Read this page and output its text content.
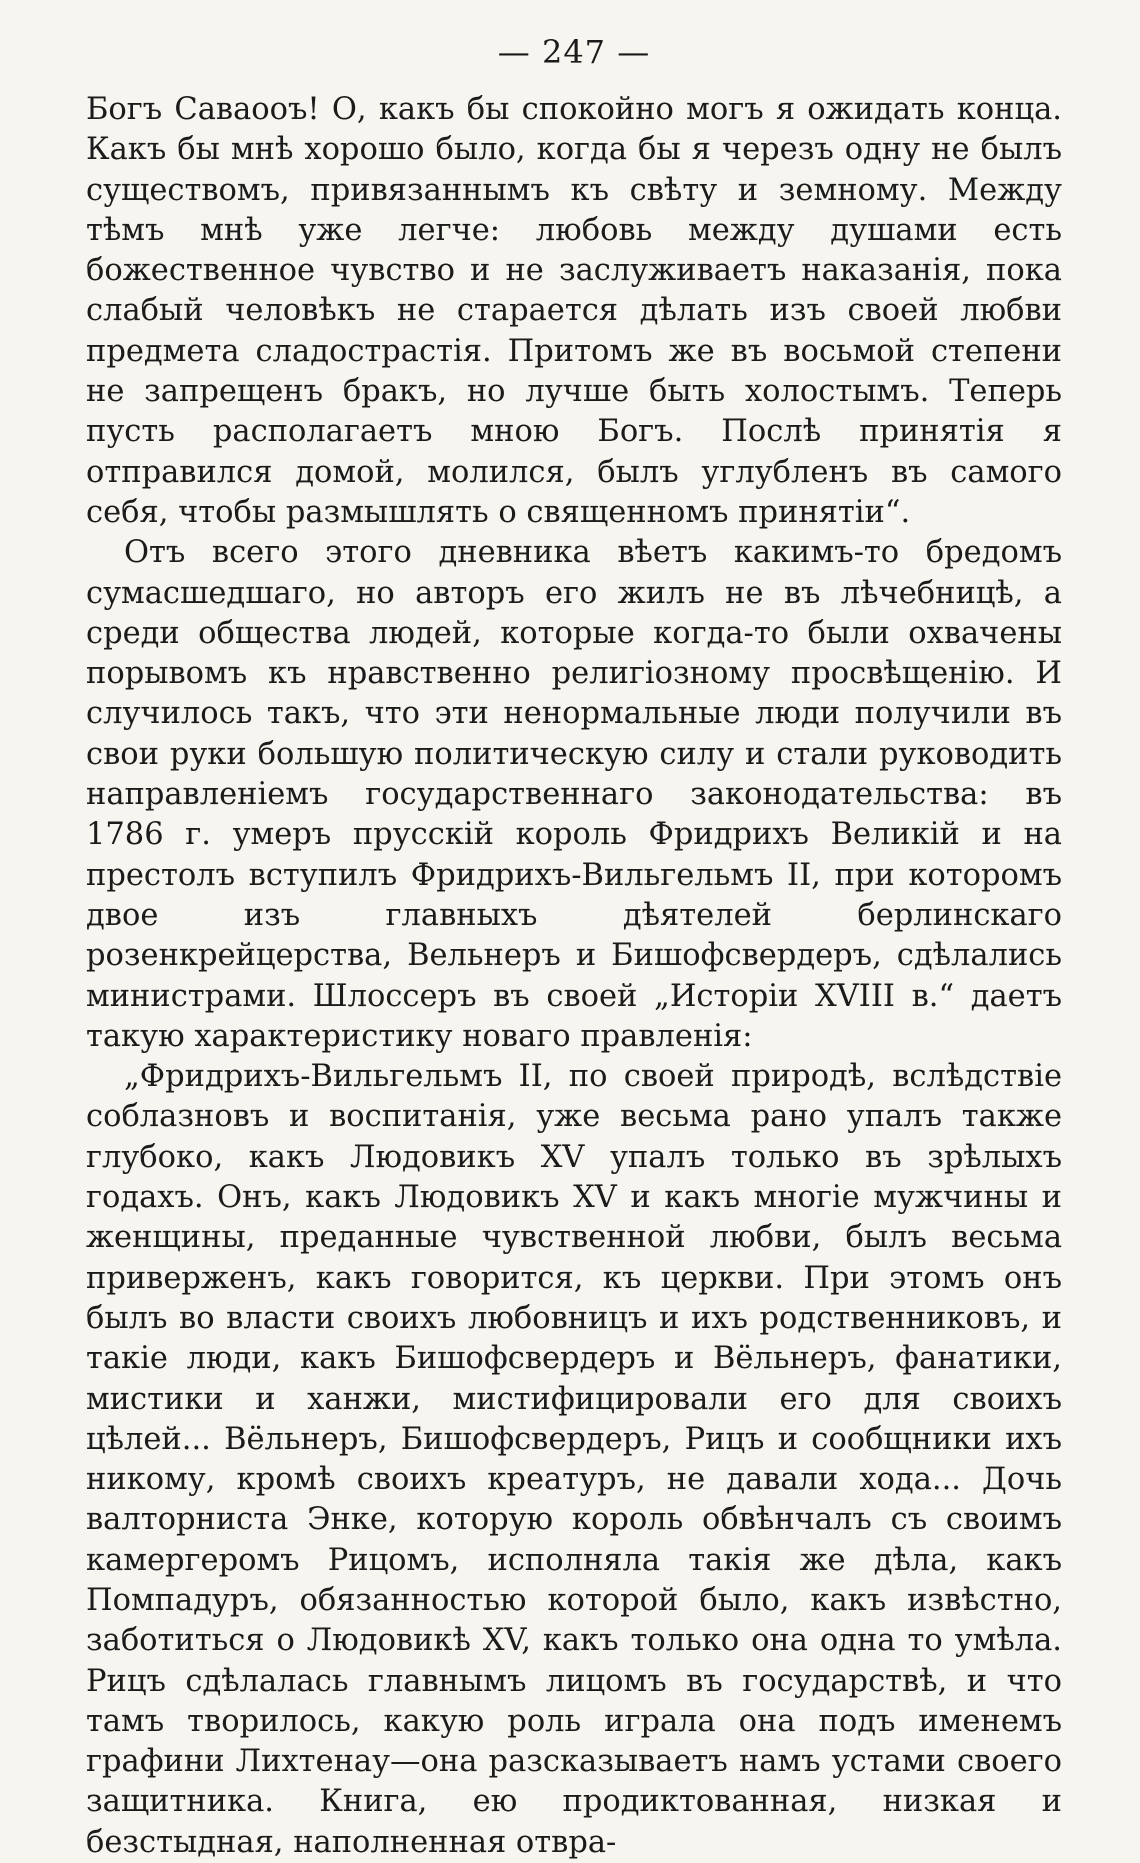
— 247 —

Богъ Саваооъ! О, какъ бы спокойно могъ я ожидать конца. Какъ бы мнѣ хорошо было, когда бы я черезъ одну не былъ существомъ, привязаннымъ къ свѣту и земному. Между тѣмъ мнѣ уже легче: любовь между душами есть божественное чувство и не заслуживаетъ наказанія, пока слабый человѣкъ не старается дѣлать изъ своей любви предмета сладострастія. Притомъ же въ восьмой степени не запрещенъ бракъ, но лучше быть холостымъ. Теперь пусть располагаетъ мною Богъ. Послѣ принятія я отправился домой, молился, былъ углубленъ въ самого себя, чтобы размышлять о священномъ принятіи“.

Отъ всего этого дневника вѣетъ какимъ-то бредомъ сумасшедшаго, но авторъ его жилъ не въ лѣчебницѣ, а среди общества людей, которые когда-то были охвачены порывомъ къ нравственно религіозному просвѣщенію. И случилось такъ, что эти ненормальные люди получили въ свои руки большую политическую силу и стали руководить направленіемъ государственнаго законодательства: въ 1786 г. умеръ прусскій король Фридрихъ Великій и на престолъ вступилъ Фридрихъ-Вильгельмъ II, при которомъ двое изъ главныхъ дѣятелей берлинскаго розенкрейцерства, Вельнеръ и Бишофсвердеръ, сдѣлались министрами. Шлоссеръ въ своей „Исторіи XVIII в.“ даетъ такую характеристику новаго правленія:

„Фридрихъ-Вильгельмъ II, по своей природѣ, вслѣдствіе соблазновъ и воспитанія, уже весьма рано упалъ также глубоко, какъ Людовикъ XV упалъ только въ зрѣлыхъ годахъ. Онъ, какъ Людовикъ XV и какъ многіе мужчины и женщины, преданные чувственной любви, былъ весьма приверженъ, какъ говорится, къ церкви. При этомъ онъ былъ во власти своихъ любовницъ и ихъ родственниковъ, и такіе люди, какъ Бишофсвердеръ и Вёльнеръ, фанатики, мистики и ханжи, мистифицировали его для своихъ цѣлей... Вёльнеръ, Бишофсвердеръ, Рицъ и сообщники ихъ никому, кромѣ своихъ креатуръ, не давали хода... Дочь валторниста Энке, которую король обвѣнчалъ съ своимъ камергеромъ Рицомъ, исполняла такія же дѣла, какъ Помпадуръ, обязанностью которой было, какъ извѣстно, заботиться о Людовикѣ XV, какъ только она одна то умѣла. Рицъ сдѣлалась главнымъ лицомъ въ государствѣ, и что тамъ творилось, какую роль играла она подъ именемъ графини Лихтенау—она разсказываетъ намъ устами своего защитника. Книга, ею продиктованная, низкая и безстыдная, наполненная отвра-
